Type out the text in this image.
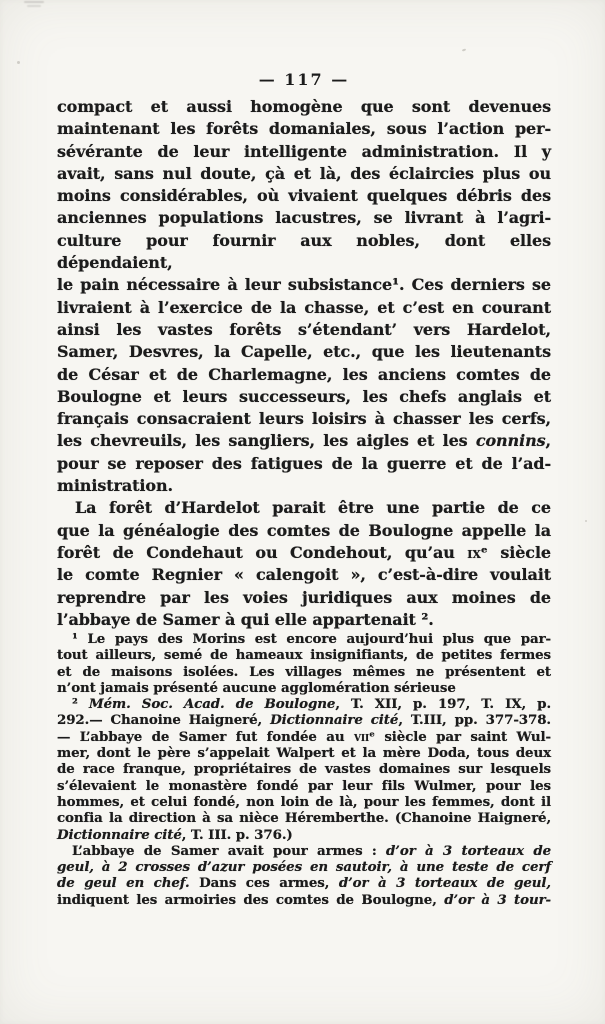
— 117 —
compact et aussi homogène que sont devenues
maintenant les forêts domaniales, sous l’action per-
sévérante de leur intelligente administration. Il y
avait, sans nul doute, çà et là, des éclaircies plus ou
moins considérables, où vivaient quelques débris des
anciennes populations lacustres, se livrant à l’agri-
culture pour fournir aux nobles, dont elles dépendaient,
le pain nécessaire à leur subsistance¹. Ces derniers se
livraient à l’exercice de la chasse, et c’est en courant
ainsi les vastes forêts s’étendant’ vers Hardelot,
Samer, Desvres, la Capelle, etc., que les lieutenants
de César et de Charlemagne, les anciens comtes de
Boulogne et leurs successeurs, les chefs anglais et
français consacraient leurs loisirs à chasser les cerfs,
les chevreuils, les sangliers, les aigles et les connins,
pour se reposer des fatigues de la guerre et de l’ad-
ministration.
La forêt d’Hardelot parait être une partie de ce
que la généalogie des comtes de Boulogne appelle la
forêt de Condehaut ou Condehout, qu’au ixᵉ siècle
le comte Regnier « calengoit », c’est-à-dire voulait
reprendre par les voies juridiques aux moines de
l’abbaye de Samer à qui elle appartenait ².
¹ Le pays des Morins est encore aujourd’hui plus que par-
tout ailleurs, semé de hameaux insignifiants, de petites fermes
et de maisons isolées. Les villages mêmes ne présentent et
n’ont jamais présenté aucune agglomération sérieuse
² Mém. Soc. Acad. de Boulogne, T. XII, p. 197, T. IX, p.
292.— Chanoine Haigneré, Dictionnaire cité, T.III, pp. 377-378.
— L’abbaye de Samer fut fondée au viiᵉ siècle par saint Wul-
mer, dont le père s’appelait Walpert et la mère Doda, tous deux
de race franque, propriétaires de vastes domaines sur lesquels
s’élevaient le monastère fondé par leur fils Wulmer, pour les
hommes, et celui fondé, non loin de là, pour les femmes, dont il
confia la direction à sa nièce Héremberthe. (Chanoine Haigneré,
Dictionnaire cité, T. III. p. 376.)
L’abbaye de Samer avait pour armes : d’or à 3 torteaux de
geul, à 2 crosses d’azur posées en sautoir, à une teste de cerf
de geul en chef. Dans ces armes, d’or à 3 torteaux de geul,
indiquent les armoiries des comtes de Boulogne, d’or à 3 tour-
